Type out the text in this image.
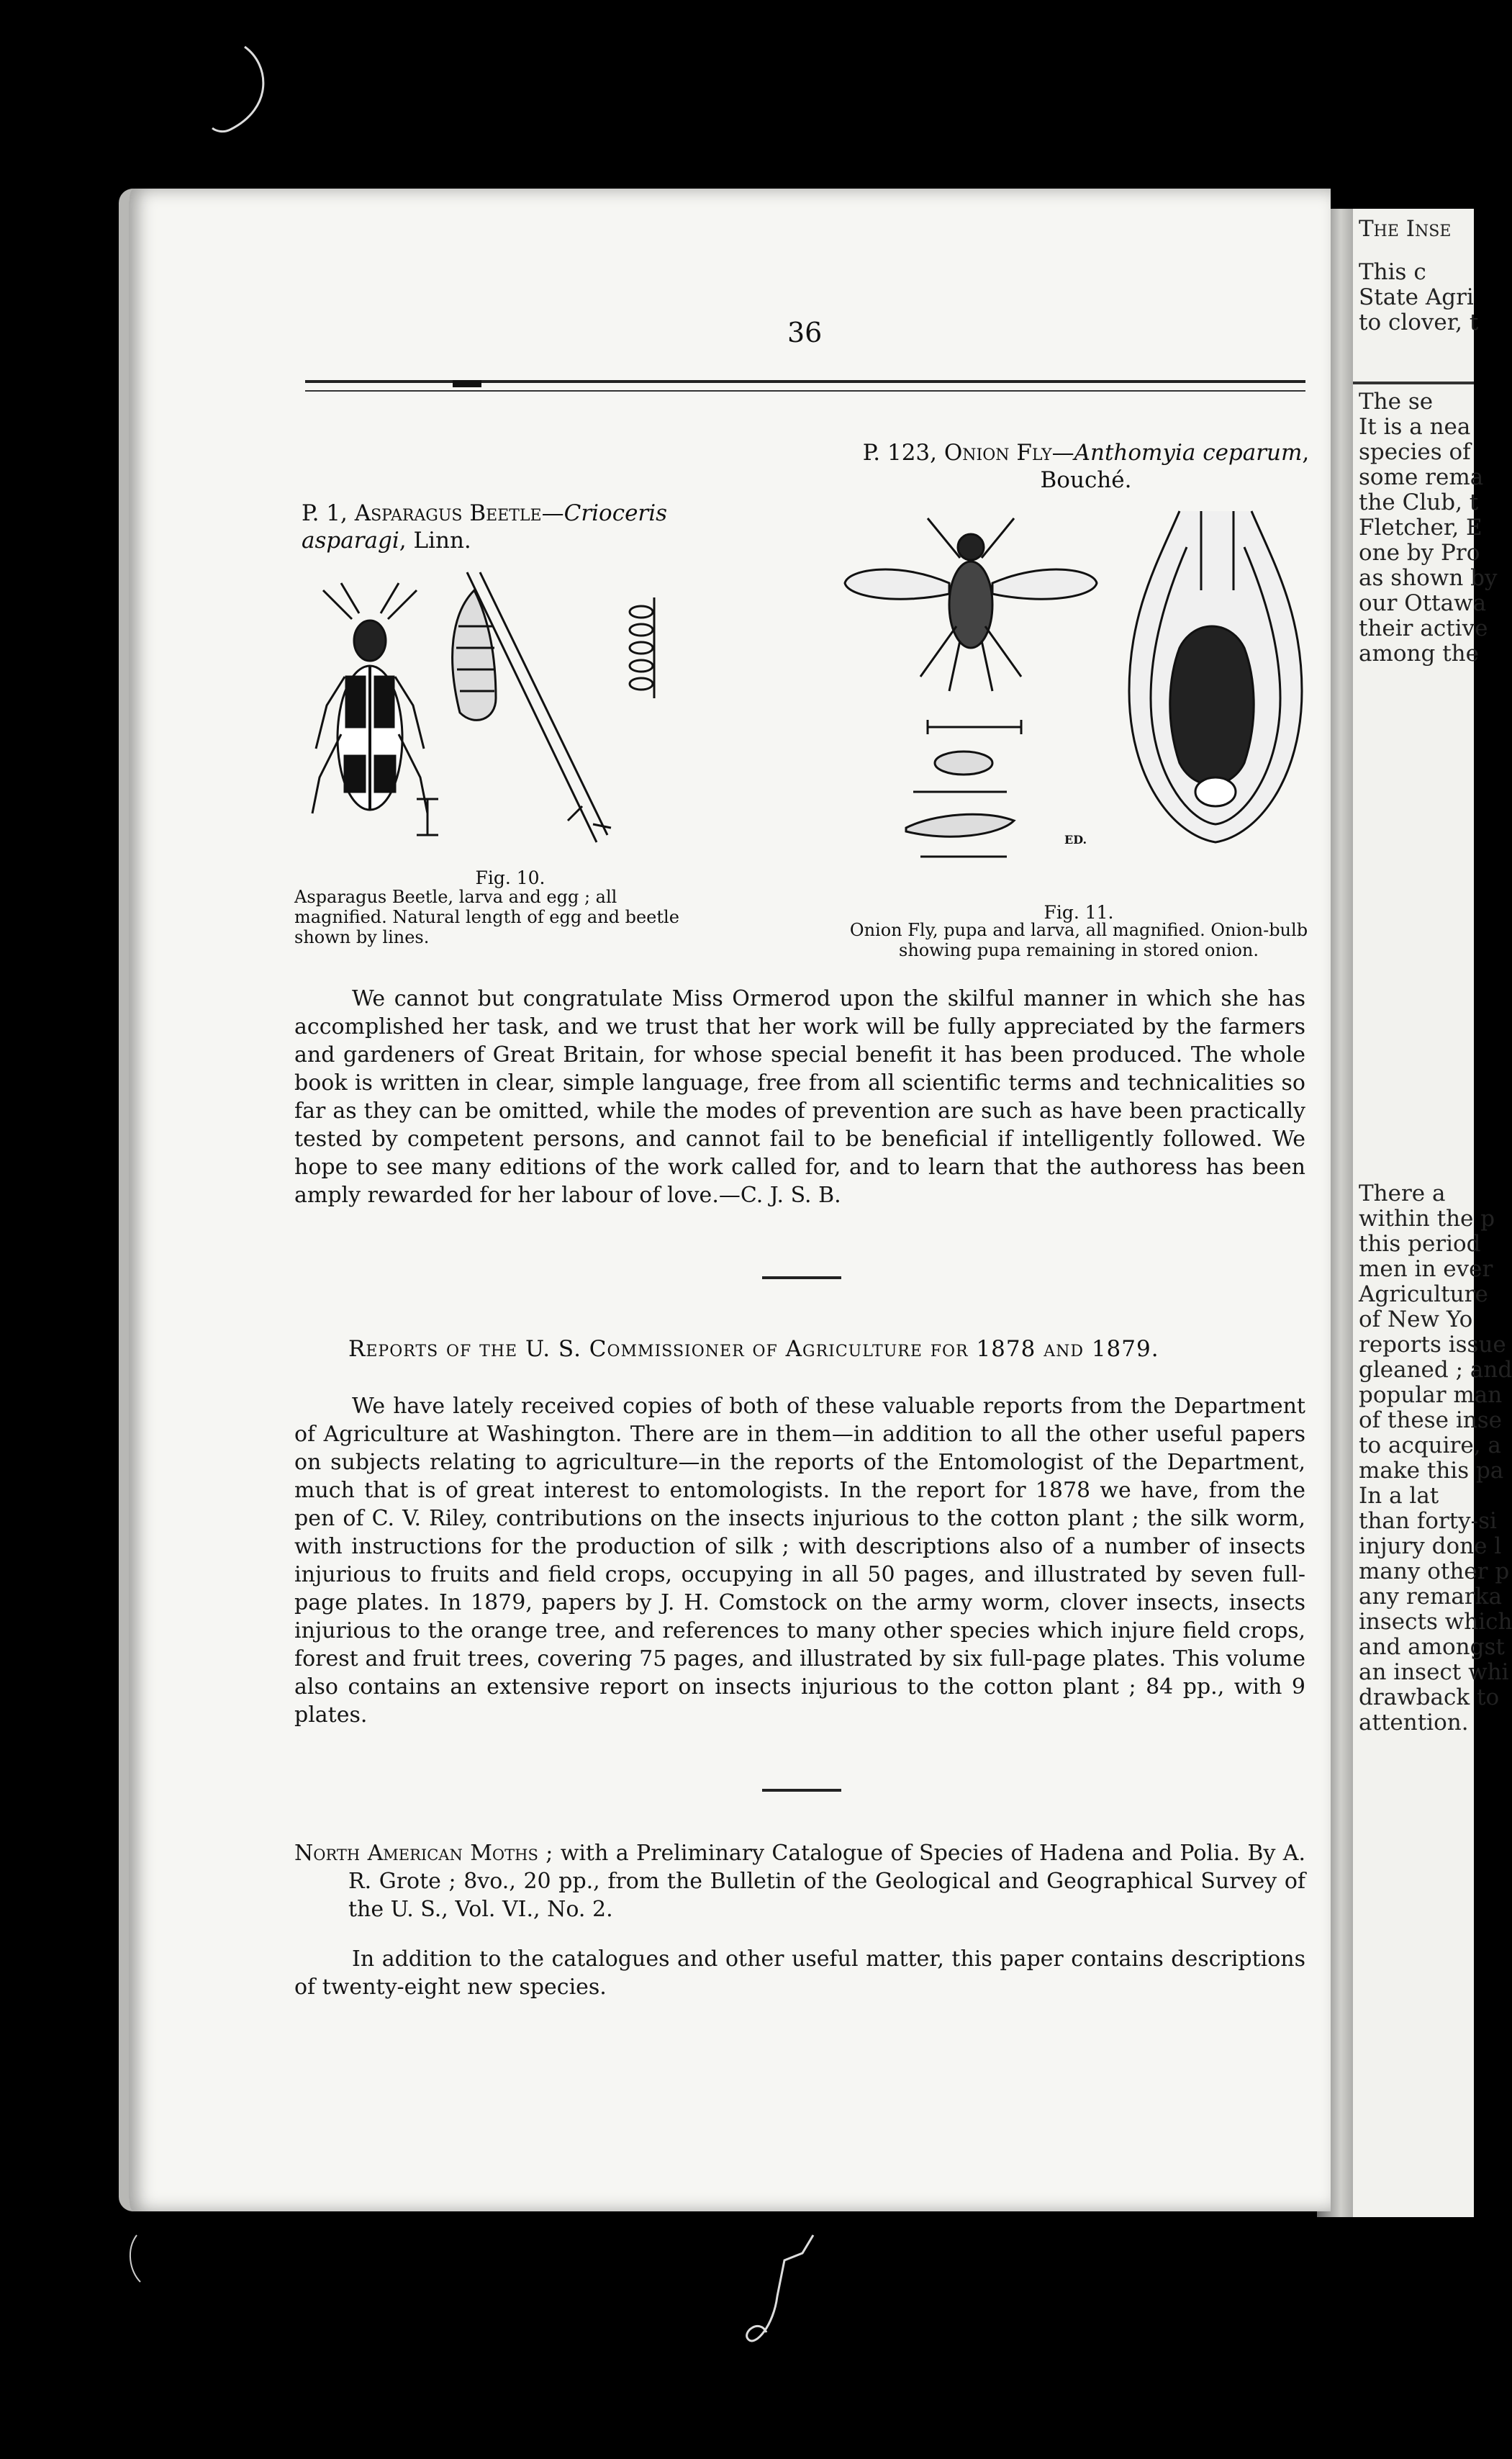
The Inse
This c
State Agri
to clover, t
The se
It is a nea
species of
some rema
the Club, t
Fletcher, E
one by Pro
as shown by
our Ottawa
their active
among the
There a
within the p
this period
men in ever
Agriculture
of New Yo
reports issue
gleaned ; and
popular man
of these inse
to acquire, a
make this pa
In a lat
than forty-si
injury done l
many other p
any remarka
insects which
and amongst
an insect whi
drawback to
attention.
36
P. 1, Asparagus Beetle—Crioceris asparagi, Linn.
Fig. 10.
Asparagus Beetle, larva and egg ; all magnified. Natural length of egg and beetle shown by lines.
P. 123, Onion Fly—Anthomyia ceparum, Bouché.
ED.
Fig. 11.
Onion Fly, pupa and larva, all magnified. Onion-bulb showing pupa remaining in stored onion.
We cannot but congratulate Miss Ormerod upon the skilful manner in which she has accomplished her task, and we trust that her work will be fully appreciated by the farmers and gardeners of Great Britain, for whose special benefit it has been produced. The whole book is written in clear, simple language, free from all scientific terms and technicalities so far as they can be omitted, while the modes of prevention are such as have been practically tested by competent persons, and cannot fail to be beneficial if intelligently followed. We hope to see many editions of the work called for, and to learn that the authoress has been amply rewarded for her labour of love.—C. J. S. B.
Reports of the U. S. Commissioner of Agriculture for 1878 and 1879.
We have lately received copies of both of these valuable reports from the Department of Agriculture at Washington. There are in them—in addition to all the other useful papers on subjects relating to agriculture—in the reports of the Entomologist of the Department, much that is of great interest to entomologists. In the report for 1878 we have, from the pen of C. V. Riley, contributions on the insects injurious to the cotton plant ; the silk worm, with instructions for the production of silk ; with descriptions also of a number of insects injurious to fruits and field crops, occupying in all 50 pages, and illustrated by seven full-page plates. In 1879, papers by J. H. Comstock on the army worm, clover insects, insects injurious to the orange tree, and references to many other species which injure field crops, forest and fruit trees, covering 75 pages, and illustrated by six full-page plates. This volume also contains an extensive report on insects injurious to the cotton plant ; 84 pp., with 9 plates.
North American Moths ; with a Preliminary Catalogue of Species of Hadena and Polia. By A. R. Grote ; 8vo., 20 pp., from the Bulletin of the Geological and Geographical Survey of the U. S., Vol. VI., No. 2.
In addition to the catalogues and other useful matter, this paper contains descriptions of twenty-eight new species.
